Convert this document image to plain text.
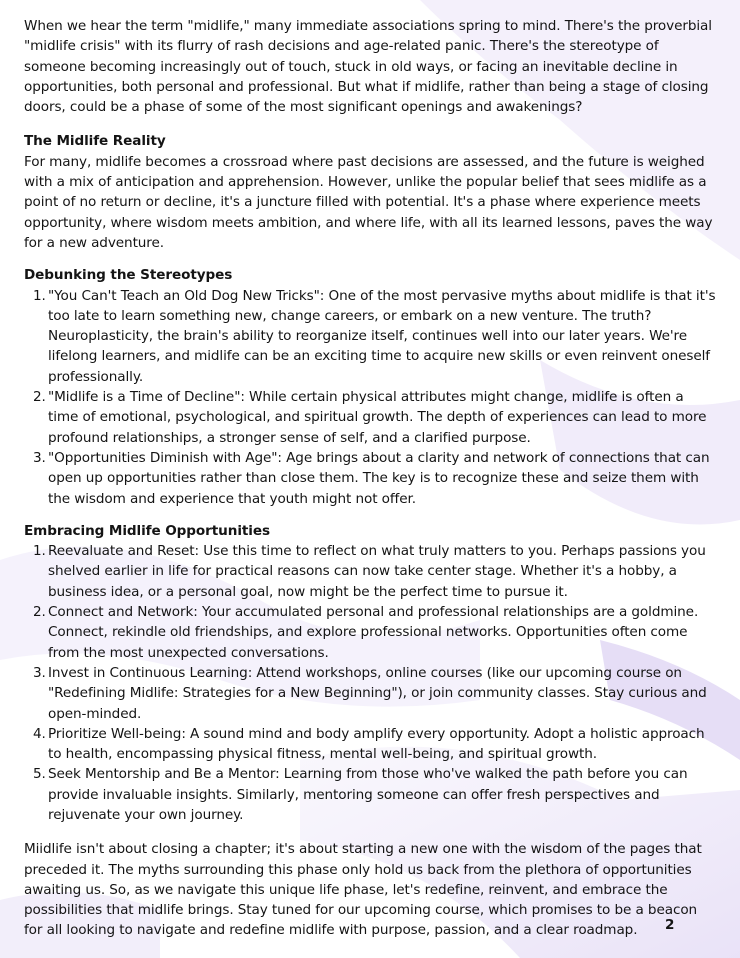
When we hear the term "midlife," many immediate associations spring to mind. There's the proverbial "midlife crisis" with its flurry of rash decisions and age-related panic. There's the stereotype of someone becoming increasingly out of touch, stuck in old ways, or facing an inevitable decline in opportunities, both personal and professional. But what if midlife, rather than being a stage of closing doors, could be a phase of some of the most significant openings and awakenings?

The Midlife Reality

For many, midlife becomes a crossroad where past decisions are assessed, and the future is weighed with a mix of anticipation and apprehension. However, unlike the popular belief that sees midlife as a point of no return or decline, it's a juncture filled with potential. It's a phase where experience meets opportunity, where wisdom meets ambition, and where life, with all its learned lessons, paves the way for a new adventure.

Debunking the Stereotypes
1. "You Can't Teach an Old Dog New Tricks": One of the most pervasive myths about midlife is that it's too late to learn something new, change careers, or embark on a new venture. The truth? Neuroplasticity, the brain's ability to reorganize itself, continues well into our later years. We're lifelong learners, and midlife can be an exciting time to acquire new skills or even reinvent oneself professionally.
2. "Midlife is a Time of Decline": While certain physical attributes might change, midlife is often a time of emotional, psychological, and spiritual growth. The depth of experiences can lead to more profound relationships, a stronger sense of self, and a clarified purpose.
3. "Opportunities Diminish with Age": Age brings about a clarity and network of connections that can open up opportunities rather than close them. The key is to recognize these and seize them with the wisdom and experience that youth might not offer.
Embracing Midlife Opportunities
1. Reevaluate and Reset: Use this time to reflect on what truly matters to you. Perhaps passions you shelved earlier in life for practical reasons can now take center stage. Whether it's a hobby, a business idea, or a personal goal, now might be the perfect time to pursue it.
2. Connect and Network: Your accumulated personal and professional relationships are a goldmine. Connect, rekindle old friendships, and explore professional networks. Opportunities often come from the most unexpected conversations.
3. Invest in Continuous Learning: Attend workshops, online courses (like our upcoming course on "Redefining Midlife: Strategies for a New Beginning"), or join community classes. Stay curious and open-minded.
4. Prioritize Well-being: A sound mind and body amplify every opportunity. Adopt a holistic approach to health, encompassing physical fitness, mental well-being, and spiritual growth.
5. Seek Mentorship and Be a Mentor: Learning from those who've walked the path before you can provide invaluable insights. Similarly, mentoring someone can offer fresh perspectives and rejuvenate your own journey.

Miidlife isn't about closing a chapter; it's about starting a new one with the wisdom of the pages that preceded it. The myths surrounding this phase only hold us back from the plethora of opportunities awaiting us. So, as we navigate this unique life phase, let's redefine, reinvent, and embrace the possibilities that midlife brings. Stay tuned for our upcoming course, which promises to be a beacon for all looking to navigate and redefine midlife with purpose, passion, and a clear roadmap.	2
